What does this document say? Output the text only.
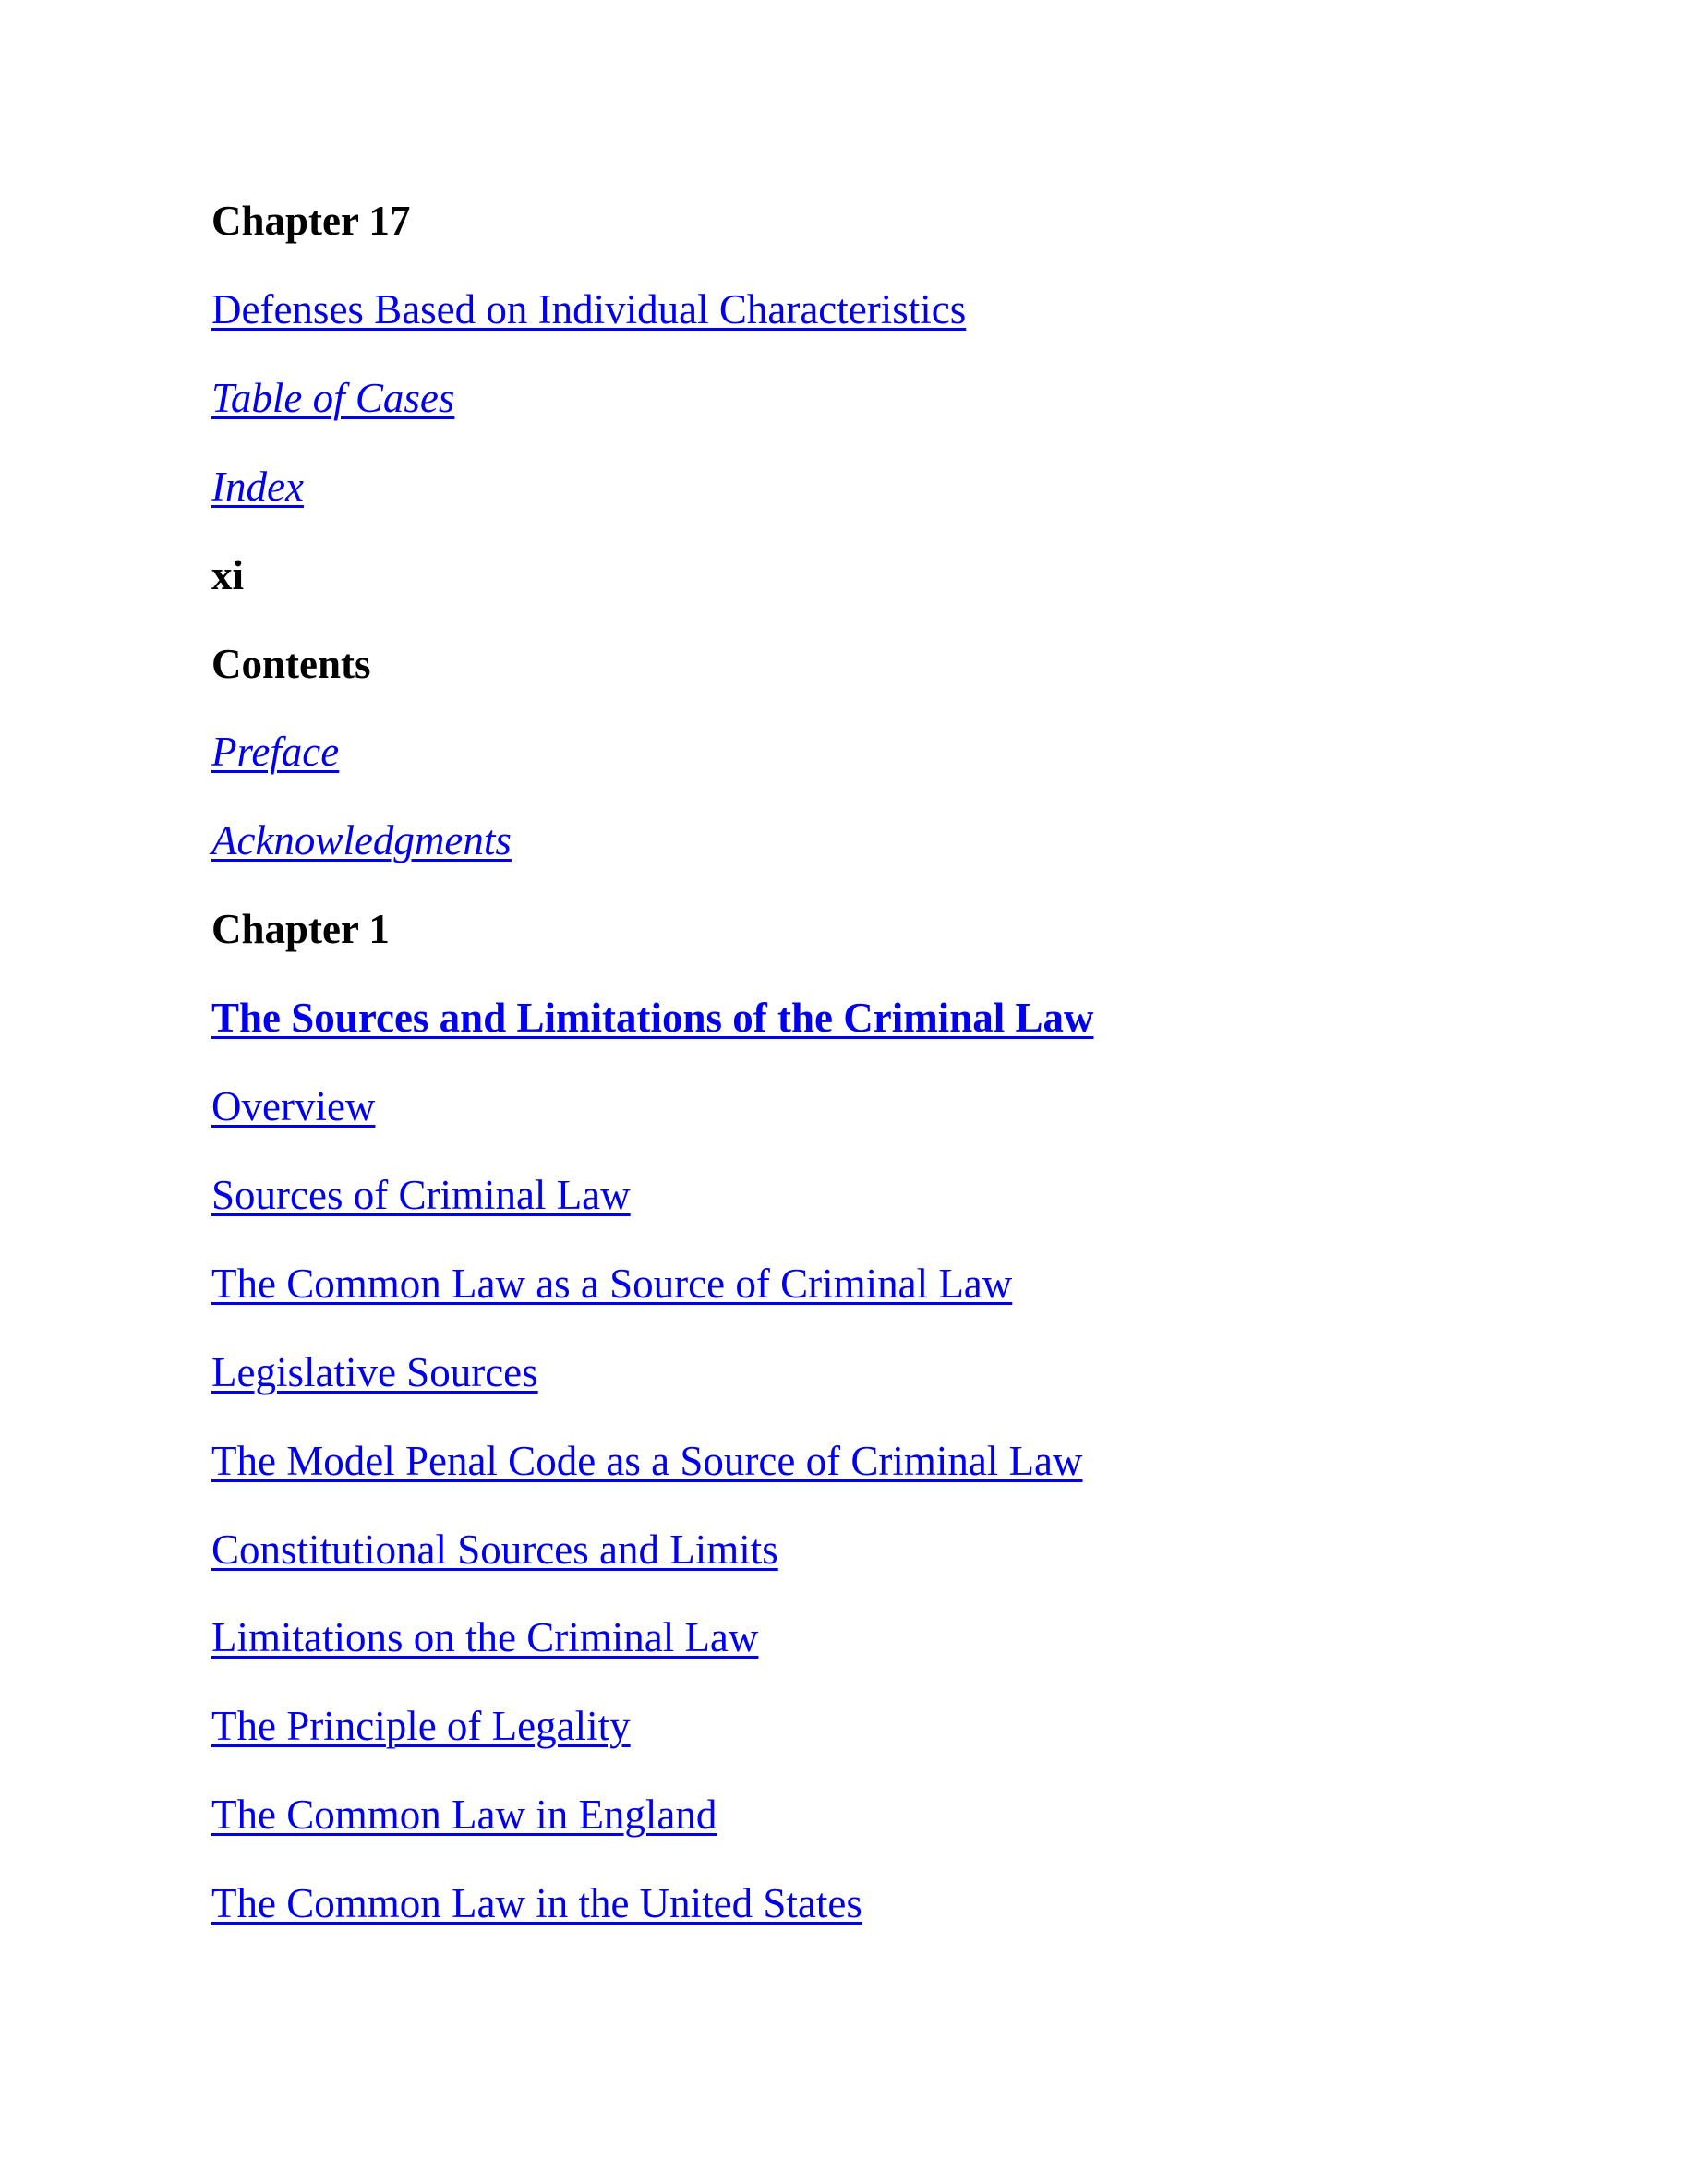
Chapter 17
Defenses Based on Individual Characteristics
Table of Cases
Index
xi
Contents
Preface
Acknowledgments
Chapter 1
The Sources and Limitations of the Criminal Law
Overview
Sources of Criminal Law
The Common Law as a Source of Criminal Law
Legislative Sources
The Model Penal Code as a Source of Criminal Law
Constitutional Sources and Limits
Limitations on the Criminal Law
The Principle of Legality
The Common Law in England
The Common Law in the United States
